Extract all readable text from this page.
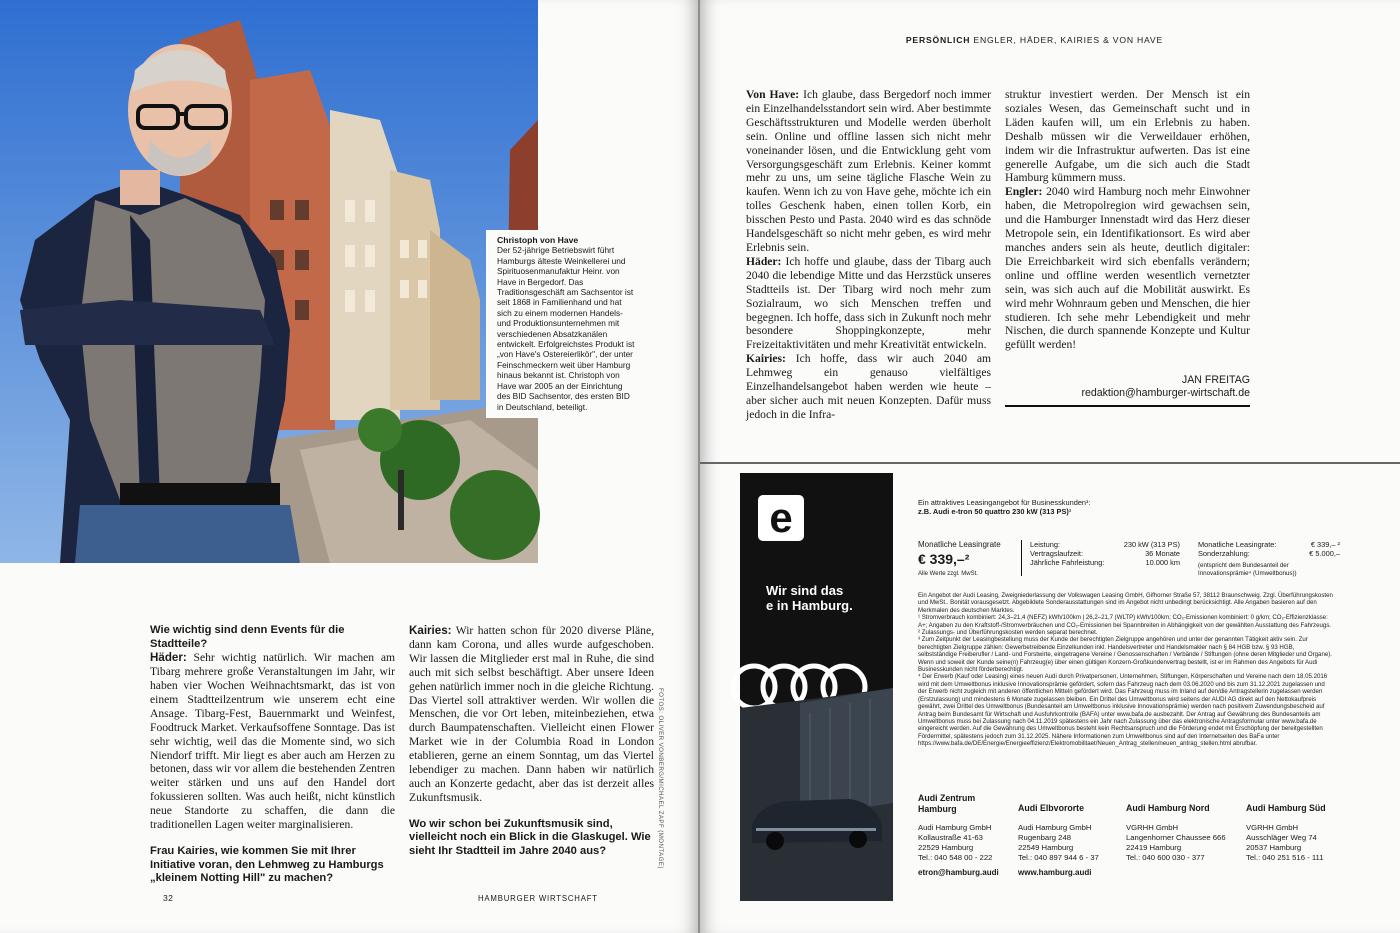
Christoph von Have
Der 52-jährige Betriebswirt führt Hamburgs älteste Weinkellerei und Spirituosenmanufaktur Heinr. von Have in Bergedorf. Das Traditionsgeschäft am Sachsentor ist seit 1868 in Familienhand und hat sich zu einem modernen Handels- und Produktionsunternehmen mit verschiedenen Absatzkanälen entwickelt. Erfolgreichstes Produkt ist „von Have's Ostereierlikör", der unter Feinschmeckern weit über Hamburg hinaus bekannt ist. Christoph von Have war 2005 an der Einrichtung des BID Sachsentor, des ersten BID in Deutschland, beteiligt.

Wie wichtig sind denn Events für die Stadtteile?

Häder: Sehr wichtig natürlich. Wir machen am Tibarg mehrere große Veranstaltungen im Jahr, wir haben vier Wochen Weihnachtsmarkt, das ist von einem Stadtteilzentrum wie unserem echt eine Ansage. Tibarg-Fest, Bauernmarkt und Weinfest, Foodtruck Market. Verkaufsoffene Sonntage. Das ist sehr wichtig, weil das die Momente sind, wo sich Niendorf trifft. Mir liegt es aber auch am Herzen zu betonen, dass wir vor allem die bestehenden Zentren weiter stärken und uns auf den Handel dort fokussieren sollten. Was auch heißt, nicht künstlich neue Standorte zu schaffen, die dann die traditionellen Lagen weiter marginalisieren.

Frau Kairies, wie kommen Sie mit Ihrer Initiative voran, den Lehmweg zu Hamburgs „kleinem Notting Hill" zu machen?

Kairies: Wir hatten schon für 2020 diverse Pläne, dann kam Corona, und alles wurde aufgeschoben. Wir lassen die Mitglieder erst mal in Ruhe, die sind auch mit sich selbst beschäftigt. Aber unsere Ideen gehen natürlich immer noch in die gleiche Richtung. Das Viertel soll attraktiver werden. Wir wollen die Menschen, die vor Ort leben, miteinbeziehen, etwa durch Baumpatenschaften. Vielleicht einen Flower Market wie in der Columbia Road in London etablieren, gerne an einem Sonntag, um das Viertel lebendiger zu machen. Dann haben wir natürlich auch an Konzerte gedacht, aber das ist derzeit alles Zukunftsmusik.

Wo wir schon bei Zukunftsmusik sind, vielleicht noch ein Blick in die Glaskugel. Wie sieht Ihr Stadtteil im Jahre 2040 aus?	FOTOS: OLIVER VONBERG/MICHAEL ZAPF (MONTAGE)
32	HAMBURGER WIRTSCHAFT
PERSÖNLICH ENGLER, HÄDER, KAIRIES & VON HAVE

Von Have: Ich glaube, dass Bergedorf noch immer ein Einzelhandelsstandort sein wird. Aber bestimmte Geschäftsstrukturen und Modelle werden überholt sein. Online und offline lassen sich nicht mehr voneinander lösen, und die Entwicklung geht vom Versorgungsgeschäft zum Erlebnis. Keiner kommt mehr zu uns, um seine tägliche Flasche Wein zu kaufen. Wenn ich zu von Have gehe, möchte ich ein tolles Geschenk haben, einen tollen Korb, ein bisschen Pesto und Pasta. 2040 wird es das schnöde Handelsgeschäft so nicht mehr geben, es wird mehr Erlebnis sein.

Häder: Ich hoffe und glaube, dass der Tibarg auch 2040 die lebendige Mitte und das Herzstück unseres Stadtteils ist. Der Tibarg wird noch mehr zum Sozialraum, wo sich Menschen treffen und begegnen. Ich hoffe, dass sich in Zukunft noch mehr besondere Shoppingkonzepte, mehr Freizeitaktivitäten und mehr Kreativität entwickeln.

Kairies: Ich hoffe, dass wir auch 2040 am Lehmweg ein genauso vielfältiges Einzelhandelsangebot haben werden wie heute – aber sicher auch mit neuen Konzepten. Dafür muss jedoch in die Infra-

struktur investiert werden. Der Mensch ist ein soziales Wesen, das Gemeinschaft sucht und in Läden kaufen will, um ein Erlebnis zu haben. Deshalb müssen wir die Verweildauer erhöhen, indem wir die Infrastruktur aufwerten. Das ist eine generelle Aufgabe, um die sich auch die Stadt Hamburg kümmern muss.

Engler: 2040 wird Hamburg noch mehr Einwohner haben, die Metropolregion wird gewachsen sein, und die Hamburger Innenstadt wird das Herz dieser Metropole sein, ein Identifikationsort. Es wird aber manches anders sein als heute, deutlich digitaler: Die Erreichbarkeit wird sich ebenfalls verändern; online und offline werden wesentlich vernetzter sein, was sich auch auf die Mobilität auswirkt. Es wird mehr Wohnraum geben und Menschen, die hier studieren. Ich sehe mehr Lebendigkeit und mehr Nischen, die durch spannende Konzepte und Kultur gefüllt werden!

JAN FREITAG
redaktion@hamburger-wirtschaft.de
e
Wir sind das
e in Hamburg.
Ein attraktives Leasingangebot für Businesskunden¹:
z.B. Audi e-tron 50 quattro 230 kW (313 PS)¹
Monatliche Leasingrate
€ 339,–²
Alle Werte zzgl. MwSt.
Leistung:	230 kW (313 PS)
Vertragslaufzeit:	36 Monate
Jährliche Fahrleistung:	10.000 km
Monatliche Leasingrate:	€ 339,– ²
Sonderzahlung:	€ 5.000,–
(entspricht dem Bundesanteil der Innovationsprämie⁴ (Umweltbonus))
Ein Angebot der Audi Leasing, Zweigniederlassung der Volkswagen Leasing GmbH, Gifhorner Straße 57, 38112 Braunschweig. Zzgl. Überführungskosten und MwSt.. Bonität vorausgesetzt. Abgebildete Sonderausstattungen sind im Angebot nicht unbedingt berücksichtigt. Alle Angaben basieren auf den Merkmalen des deutschen Marktes.
¹ Stromverbrauch kombiniert: 24,3–21,4 (NEFZ) kWh/100km | 26,2–21,7 (WLTP) kWh/100km; CO₂-Emissionen kombiniert: 0 g/km; CO₂-Effizienzklasse: A+; Angaben zu den Kraftstoff-/Stromverbräuchen und CO₂-Emissionen bei Spannbreiten in Abhängigkeit von der gewählten Ausstattung des Fahrzeugs.
² Zulassungs- und Überführungskosten werden separat berechnet.
³ Zum Zeitpunkt der Leasingbestellung muss der Kunde der berechtigten Zielgruppe angehören und unter der genannten Tätigkeit aktiv sein. Zur berechtigten Zielgruppe zählen: Gewerbetreibende Einzelkunden inkl. Handelsvertreter und Handelsmakler nach § 84 HGB bzw. § 93 HGB, selbstständige Freiberufler / Land- und Forstwirte, eingetragene Vereine / Genossenschaften / Verbände / Stiftungen (ohne deren Mitglieder und Organe). Wenn und soweit der Kunde seine(n) Fahrzeug(e) über einen gültigen Konzern-Großkundenvertrag bestellt, ist er im Rahmen des Angebots für Audi Businesskunden nicht förderberechtigt.
⁴ Der Erwerb (Kauf oder Leasing) eines neuen Audi durch Privatpersonen, Unternehmen, Stiftungen, Körperschaften und Vereine nach dem 18.05.2016 wird mit dem Umweltbonus inklusive Innovationsprämie gefördert, sofern das Fahrzeug nach dem 03.06.2020 und bis zum 31.12.2021 zugelassen und der Erwerb nicht zugleich mit anderen öffentlichen Mitteln gefördert wird. Das Fahrzeug muss im Inland auf den/die Antragstellerin zugelassen werden (Erstzulassung) und mindestens 6 Monate zugelassen bleiben. Ein Drittel des Umweltbonus wird seitens der AUDI AG direkt auf den Nettokaufpreis gewährt, zwei Drittel des Umweltbonus (Bundesanteil am Umweltbonus inklusive Innovationsprämie) werden nach positivem Zuwendungsbescheid auf Antrag beim Bundesamt für Wirtschaft und Ausfuhrkontrolle (BAFA) unter www.bafa.de ausbezahlt. Der Antrag auf Gewährung des Bundesanteils am Umweltbonus muss bei Zulassung nach 04.11.2019 spätestens ein Jahr nach Zulassung über das elektronische Antragsformular unter www.bafa.de eingereicht werden. Auf die Gewährung des Umweltbonus besteht kein Rechtsanspruch und die Förderung endet mit Erschöpfung der bereitgestellten Fördermittel, spätestens jedoch zum 31.12.2025. Nähere Informationen zum Umweltbonus sind auf den Internetseiten des BaFa unter https://www.bafa.de/DE/Energie/Energieeffizienz/Elektromobilitaet/Neuen_Antrag_stellen/neuen_antrag_stellen.html abrufbar.
Audi Zentrum Hamburg
Audi Hamburg GmbH
Kollaustraße 41-63
22529 Hamburg
Tel.: 040 548 00 - 222
Audi Elbvororte
Audi Hamburg GmbH
Rugenbarg 248
22549 Hamburg
Tel.: 040 897 944 6 - 37
Audi Hamburg Nord
VGRHH GmbH
Langenhorner Chaussee 666
22419 Hamburg
Tel.: 040 600 030 - 377
Audi Hamburg Süd
VGRHH GmbH
Ausschläger Weg 74
20537 Hamburg
Tel.: 040 251 516 - 111
etron@hamburg.audi www.hamburg.audi
